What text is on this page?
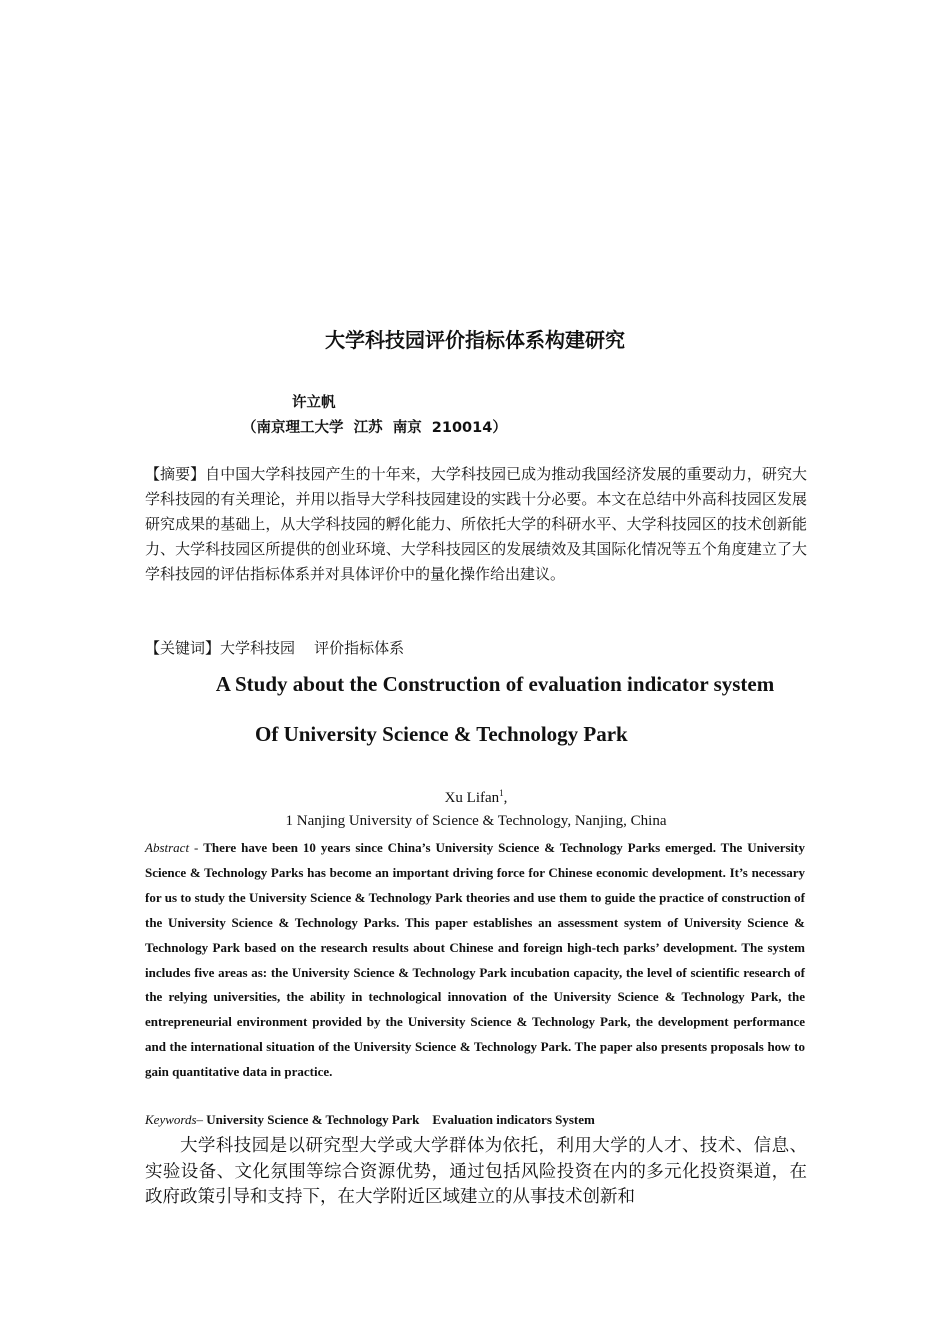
大学科技园评价指标体系构建研究
许立帆
（南京理工大学  江苏  南京  210014）
【摘要】自中国大学科技园产生的十年来，大学科技园已成为推动我国经济发展的重要动力，研究大学科技园的有关理论，并用以指导大学科技园建设的实践十分必要。本文在总结中外高科技园区发展研究成果的基础上，从大学科技园的孵化能力、所依托大学的科研水平、大学科技园区的技术创新能力、大学科技园区所提供的创业环境、大学科技园区的发展绩效及其国际化情况等五个角度建立了大学科技园的评估指标体系并对具体评价中的量化操作给出建议。
【关键词】大学科技园    评价指标体系
A Study about the Construction of evaluation indicator system
Of University Science & Technology Park
Xu Lifan$^1$,
1 Nanjing University of Science & Technology, Nanjing, China
Abstract - There have been 10 years since China’s University Science & Technology Parks emerged. The University Science & Technology Parks has become an important driving force for Chinese economic development. It’s necessary for us to study the University Science & Technology Park theories and use them to guide the practice of construction of the University Science & Technology Parks. This paper establishes an assessment system of University Science & Technology Park based on the research results about Chinese and foreign high-tech parks’ development. The system includes five areas as: the University Science & Technology Park incubation capacity, the level of scientific research of the relying universities, the ability in technological innovation of the University Science & Technology Park, the entrepreneurial environment provided by the University Science & Technology Park, the development performance and the international situation of the University Science & Technology Park. The paper also presents proposals how to gain quantitative data in practice.
Keywords– University Science & Technology Park    Evaluation indicators System
大学科技园是以研究型大学或大学群体为依托，利用大学的人才、技术、信息、实验设备、文化氛围等综合资源优势，通过包括风险投资在内的多元化投资渠道，在政府政策引导和支持下，在大学附近区域建立的从事技术创新和
